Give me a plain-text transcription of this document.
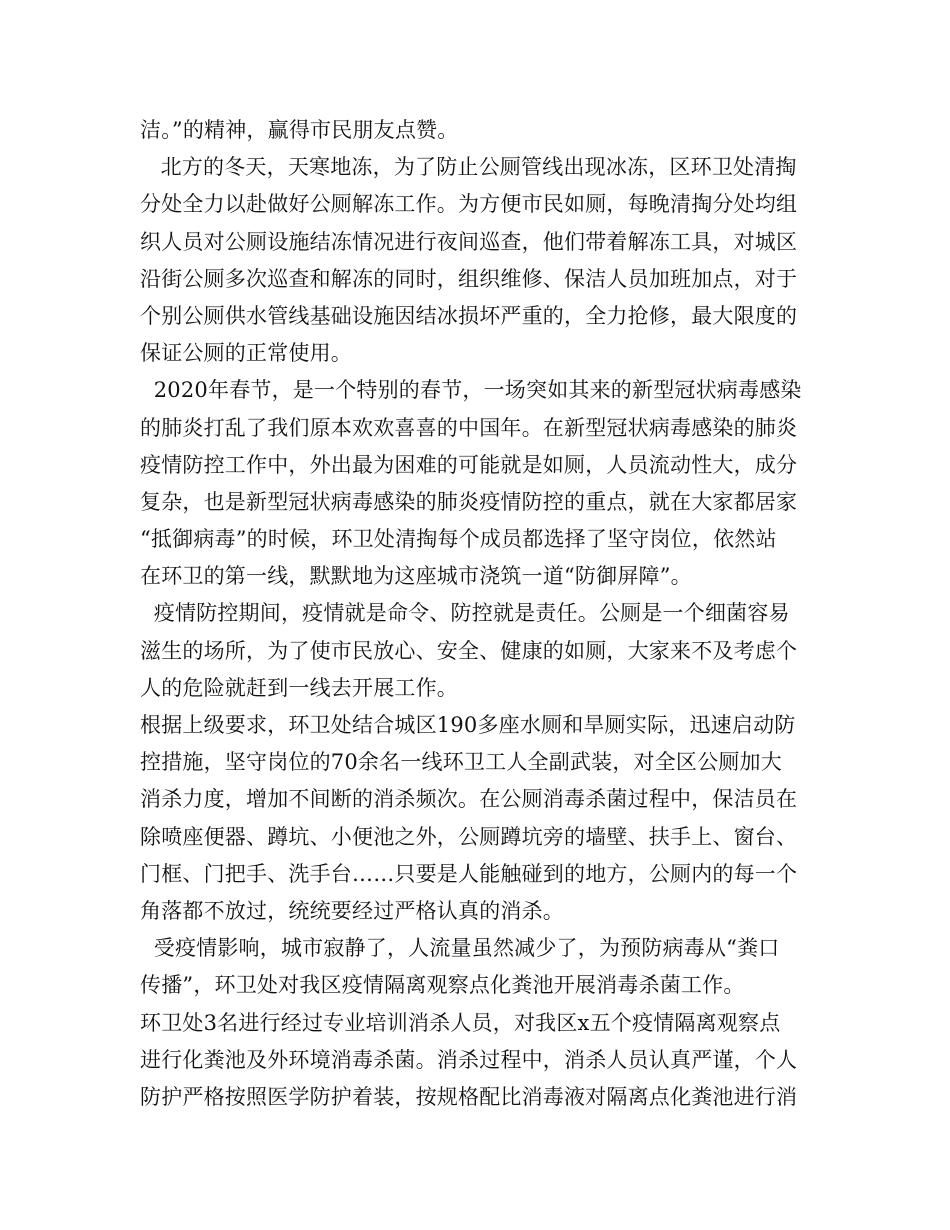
洁。”的精神，赢得市民朋友点赞。
北方的冬天，天寒地冻，为了防止公厕管线出现冰冻，区环卫处清掏
分处全力以赴做好公厕解冻工作。为方便市民如厕，每晚清掏分处均组
织人员对公厕设施结冻情况进行夜间巡查，他们带着解冻工具，对城区
沿街公厕多次巡查和解冻的同时，组织维修、保洁人员加班加点，对于
个别公厕供水管线基础设施因结冰损坏严重的，全力抢修，最大限度的
保证公厕的正常使用。
2020年春节，是一个特别的春节，一场突如其来的新型冠状病毒感染
的肺炎打乱了我们原本欢欢喜喜的中国年。在新型冠状病毒感染的肺炎
疫情防控工作中，外出最为困难的可能就是如厕，人员流动性大，成分
复杂，也是新型冠状病毒感染的肺炎疫情防控的重点，就在大家都居家
“抵御病毒”的时候，环卫处清掏每个成员都选择了坚守岗位，依然站
在环卫的第一线，默默地为这座城市浇筑一道“防御屏障”。
疫情防控期间，疫情就是命令、防控就是责任。公厕是一个细菌容易
滋生的场所，为了使市民放心、安全、健康的如厕，大家来不及考虑个
人的危险就赶到一线去开展工作。
根据上级要求，环卫处结合城区190多座水厕和旱厕实际，迅速启动防
控措施，坚守岗位的70余名一线环卫工人全副武装，对全区公厕加大
消杀力度，增加不间断的消杀频次。在公厕消毒杀菌过程中，保洁员在
除喷座便器、蹲坑、小便池之外，公厕蹲坑旁的墙壁、扶手上、窗台、
门框、门把手、洗手台……只要是人能触碰到的地方，公厕内的每一个
角落都不放过，统统要经过严格认真的消杀。
受疫情影响，城市寂静了，人流量虽然减少了，为预防病毒从“粪口
传播”，环卫处对我区疫情隔离观察点化粪池开展消毒杀菌工作。
环卫处3名进行经过专业培训消杀人员，对我区x五个疫情隔离观察点
进行化粪池及外环境消毒杀菌。消杀过程中，消杀人员认真严谨，个人
防护严格按照医学防护着装，按规格配比消毒液对隔离点化粪池进行消
